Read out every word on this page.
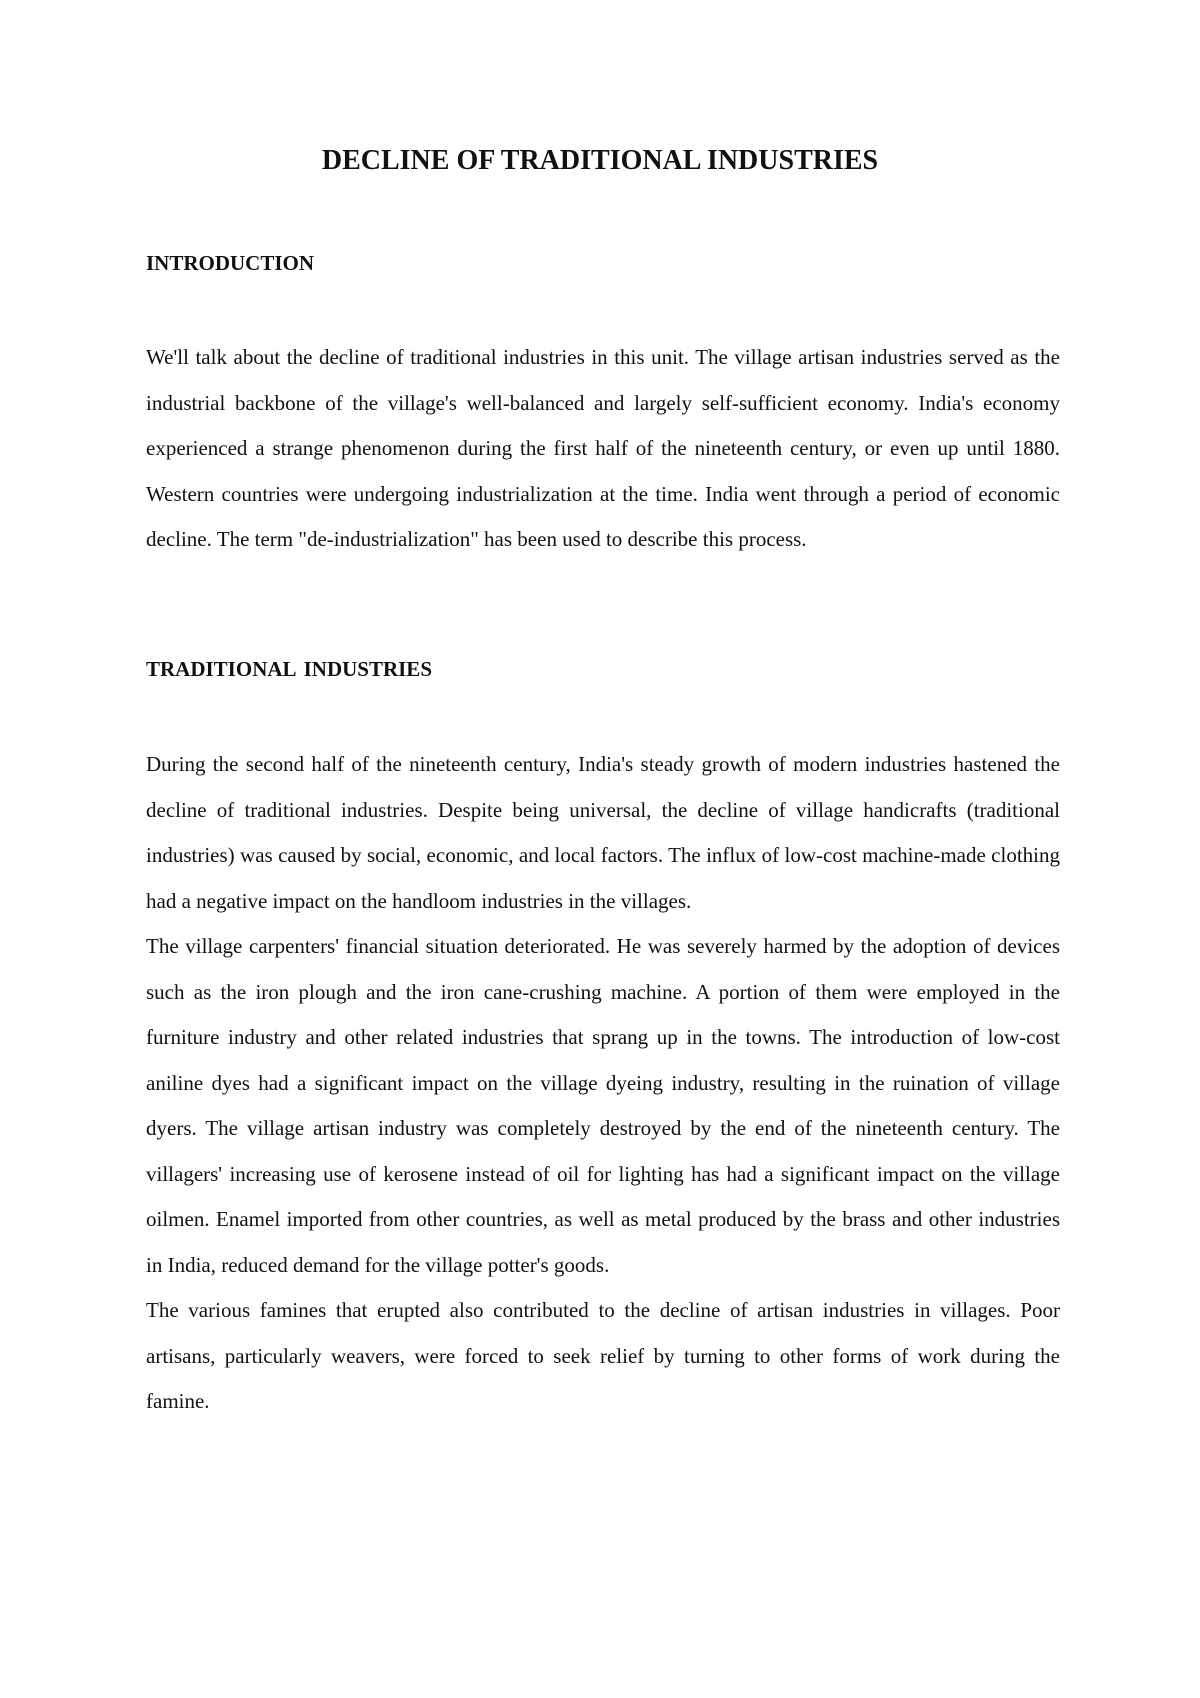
DECLINE OF TRADITIONAL INDUSTRIES
INTRODUCTION

We'll talk about the decline of traditional industries in this unit. The village artisan industries served as the industrial backbone of the village's well-balanced and largely self-sufficient economy. India's economy experienced a strange phenomenon during the first half of the nineteenth century, or even up until 1880. Western countries were undergoing industrialization at the time. India went through a period of economic decline. The term "de-industrialization" has been used to describe this process.

TRADITIONAL INDUSTRIES

During the second half of the nineteenth century, India's steady growth of modern industries hastened the decline of traditional industries. Despite being universal, the decline of village handicrafts (traditional industries) was caused by social, economic, and local factors. The influx of low-cost machine-made clothing had a negative impact on the handloom industries in the villages.

The village carpenters' financial situation deteriorated. He was severely harmed by the adoption of devices such as the iron plough and the iron cane-crushing machine. A portion of them were employed in the furniture industry and other related industries that sprang up in the towns. The introduction of low-cost aniline dyes had a significant impact on the village dyeing industry, resulting in the ruination of village dyers. The village artisan industry was completely destroyed by the end of the nineteenth century. The villagers' increasing use of kerosene instead of oil for lighting has had a significant impact on the village oilmen. Enamel imported from other countries, as well as metal produced by the brass and other industries in India, reduced demand for the village potter's goods.

The various famines that erupted also contributed to the decline of artisan industries in villages. Poor artisans, particularly weavers, were forced to seek relief by turning to other forms of work during the famine.
